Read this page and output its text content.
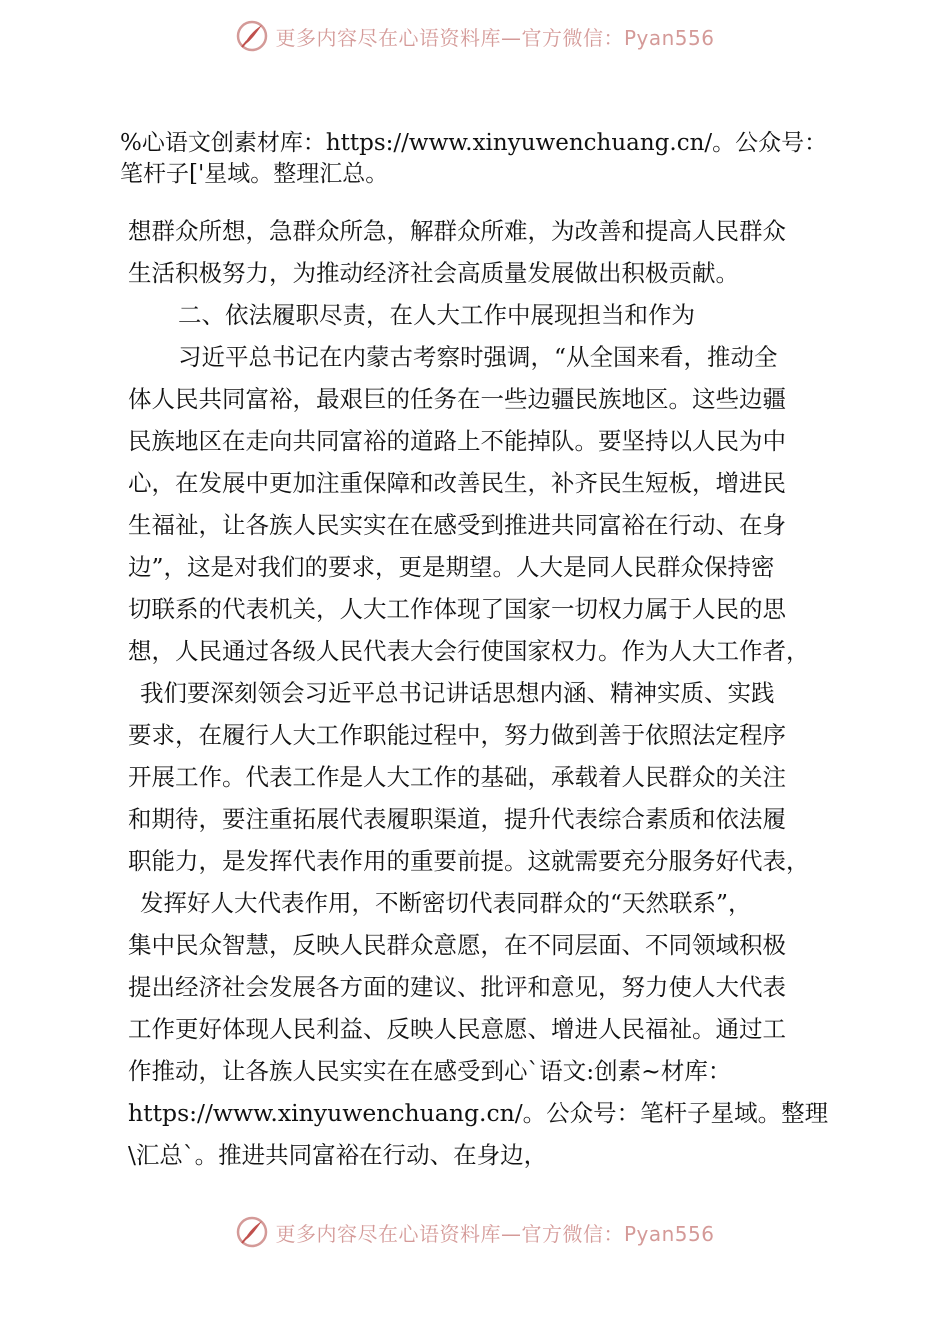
更多内容尽在心语资料库—官方微信：Pyan556

%心语文创素材库：https://www.xinyuwenchuang.cn/。公众号：

笔杆子['星域。整理汇总。

想群众所想，急群众所急，解群众所难，为改善和提高人民群众
生活积极努力，为推动经济社会高质量发展做出积极贡献。
二、依法履职尽责，在人大工作中展现担当和作为
习近平总书记在内蒙古考察时强调，“从全国来看，推动全
体人民共同富裕，最艰巨的任务在一些边疆民族地区。这些边疆
民族地区在走向共同富裕的道路上不能掉队。要坚持以人民为中
心，在发展中更加注重保障和改善民生，补齐民生短板，增进民
生福祉，让各族人民实实在在感受到推进共同富裕在行动、在身
边”，这是对我们的要求，更是期望。人大是同人民群众保持密
切联系的代表机关，人大工作体现了国家一切权力属于人民的思
想，人民通过各级人民代表大会行使国家权力。作为人大工作者，
我们要深刻领会习近平总书记讲话思想内涵、精神实质、实践
要求，在履行人大工作职能过程中，努力做到善于依照法定程序
开展工作。代表工作是人大工作的基础，承载着人民群众的关注
和期待，要注重拓展代表履职渠道，提升代表综合素质和依法履
职能力，是发挥代表作用的重要前提。这就需要充分服务好代表，
发挥好人大代表作用，不断密切代表同群众的“天然联系”，
集中民众智慧，反映人民群众意愿，在不同层面、不同领域积极
提出经济社会发展各方面的建议、批评和意见，努力使人大代表
工作更好体现人民利益、反映人民意愿、增进人民福祉。通过工
作推动，让各族人民实实在在感受到心`语文:创素~材库：
https://www.xinyuwenchuang.cn/。公众号：笔杆子星域。整理
\汇总`。推进共同富裕在行动、在身边，
更多内容尽在心语资料库—官方微信：Pyan556
